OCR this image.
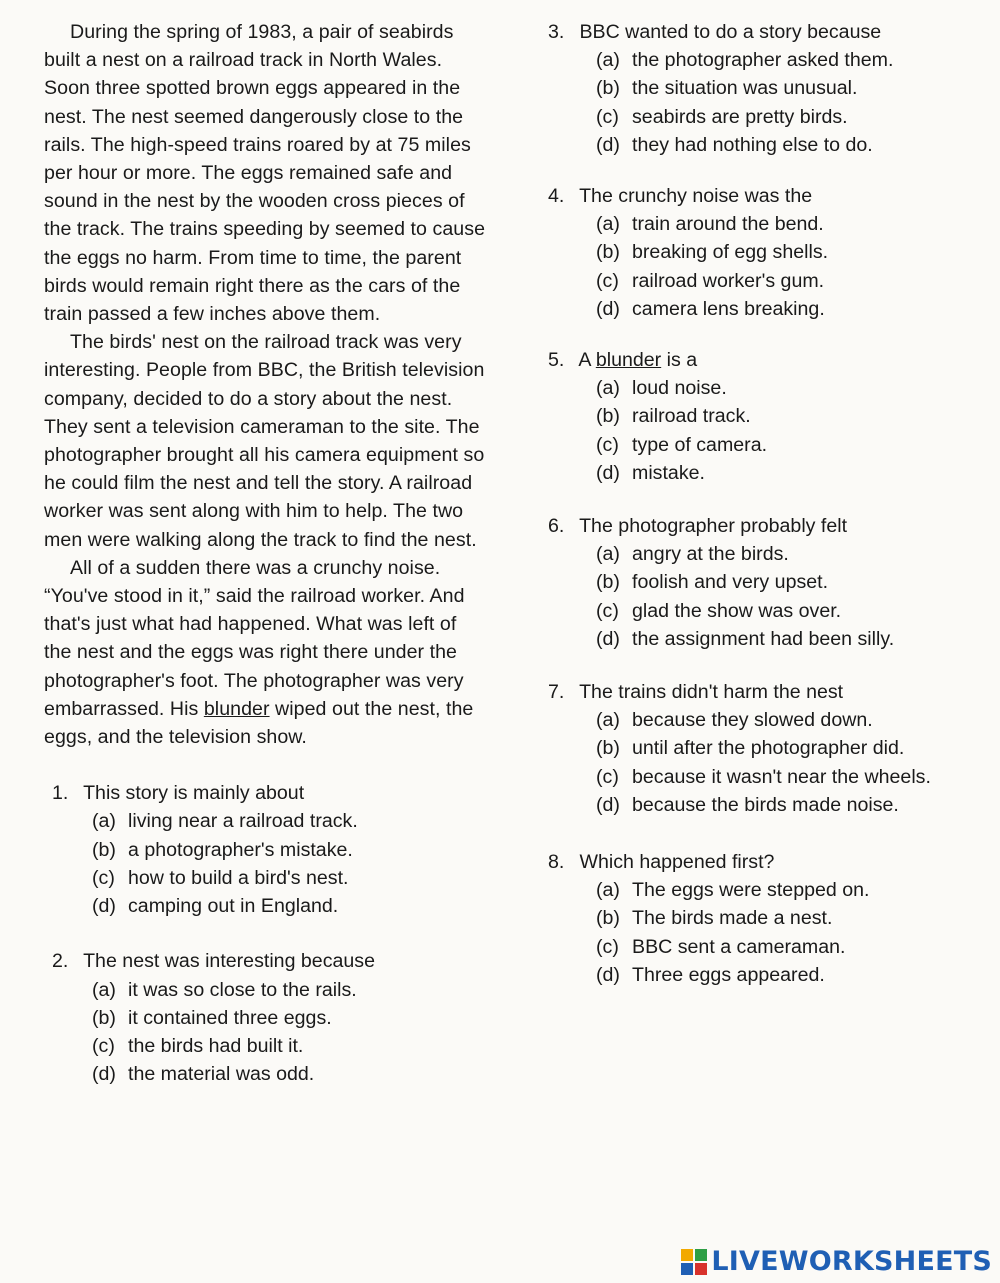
During the spring of 1983, a pair of seabirds built a nest on a railroad track in North Wales. Soon three spotted brown eggs appeared in the nest. The nest seemed dangerously close to the rails. The high-speed trains roared by at 75 miles per hour or more. The eggs remained safe and sound in the nest by the wooden cross pieces of the track. The trains speeding by seemed to cause the eggs no harm. From time to time, the parent birds would remain right there as the cars of the train passed a few inches above them.

The birds' nest on the railroad track was very interesting. People from BBC, the British television company, decided to do a story about the nest. They sent a television cameraman to the site. The photographer brought all his camera equipment so he could film the nest and tell the story. A railroad worker was sent along with him to help. The two men were walking along the track to find the nest.

All of a sudden there was a crunchy noise. “You've stood in it,” said the railroad worker. And that's just what had happened. What was left of the nest and the eggs was right there under the photographer's foot. The photographer was very embarrassed. His blunder wiped out the nest, the eggs, and the television show.

1. This story is mainly about
(a) living near a railroad track.
(b) a photographer's mistake.
(c) how to build a bird's nest.
(d) camping out in England.
2. The nest was interesting because
(a) it was so close to the rails.
(b) it contained three eggs.
(c) the birds had built it.
(d) the material was odd.
3. BBC wanted to do a story because
(a) the photographer asked them.
(b) the situation was unusual.
(c) seabirds are pretty birds.
(d) they had nothing else to do.
4. The crunchy noise was the
(a) train around the bend.
(b) breaking of egg shells.
(c) railroad worker's gum.
(d) camera lens breaking.
5. A blunder is a
(a) loud noise.
(b) railroad track.
(c) type of camera.
(d) mistake.
6. The photographer probably felt
(a) angry at the birds.
(b) foolish and very upset.
(c) glad the show was over.
(d) the assignment had been silly.
7. The trains didn't harm the nest
(a) because they slowed down.
(b) until after the photographer did.
(c) because it wasn't near the wheels.
(d) because the birds made noise.
8. Which happened first?
(a) The eggs were stepped on.
(b) The birds made a nest.
(c) BBC sent a cameraman.
(d) Three eggs appeared.
LIVEWORKSHEETS
